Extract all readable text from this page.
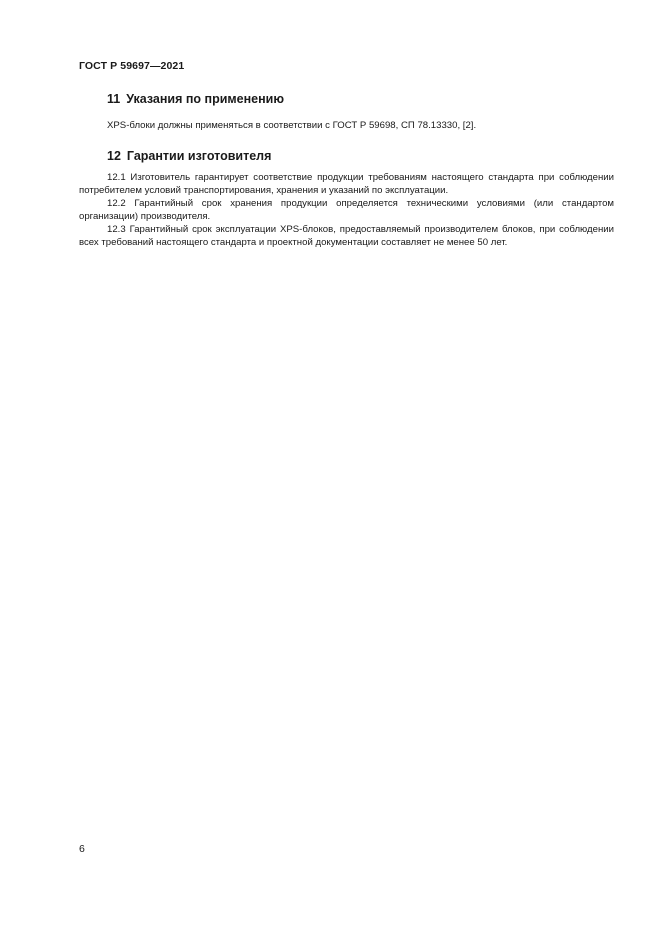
ГОСТ Р 59697—2021
11 Указания по применению

XPS-блоки должны применяться в соответствии с ГОСТ Р 59698, СП 78.13330, [2].

12 Гарантии изготовителя

12.1 Изготовитель гарантирует соответствие продукции требованиям настоящего стандарта при соблюдении потребителем условий транспортирования, хранения и указаний по эксплуатации.

12.2 Гарантийный срок хранения продукции определяется техническими условиями (или стандартом организации) производителя.

12.3 Гарантийный срок эксплуатации XPS-блоков, предоставляемый производителем блоков, при соблюдении всех требований настоящего стандарта и проектной документации составляет не менее 50 лет.

6
